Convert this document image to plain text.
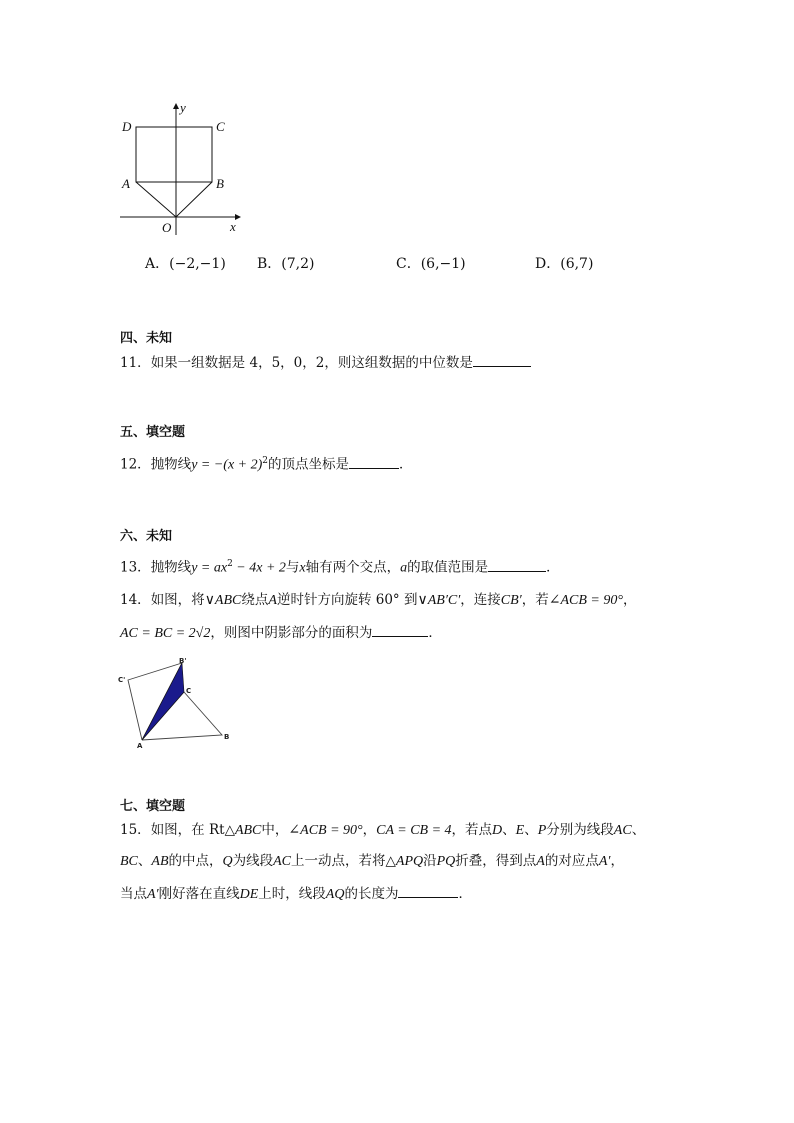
D	C
A	B
O	x
y
A．(−2,−1) B．(7,2)	C．(6,−1)	D．(6,7)
四、未知
11．如果一组数据是 4，5，0，2，则这组数据的中位数是
五、填空题
12．抛物线$y = -(x + 2)^2$的顶点坐标是	．
六、未知
13．抛物线$y = ax^2 - 4x + 2$与x轴有两个交点，a的取值范围是	．
14．如图，将∨ABC绕点A逆时针方向旋转 60° 到∨AB′C′，连接CB′，若∠ACB = 90°，
AC = BC = 2√2，则图中阴影部分的面积为	．
B'
C'
C
A
B
七、填空题
15．如图，在 Rt△ABC中，∠ACB = 90°，CA = CB = 4，若点D、E、P分别为线段AC、
BC、AB的中点，Q为线段AC上一动点，若将△APQ沿PQ折叠，得到点A的对应点A′，
当点A′刚好落在直线DE上时，线段AQ的长度为	．
